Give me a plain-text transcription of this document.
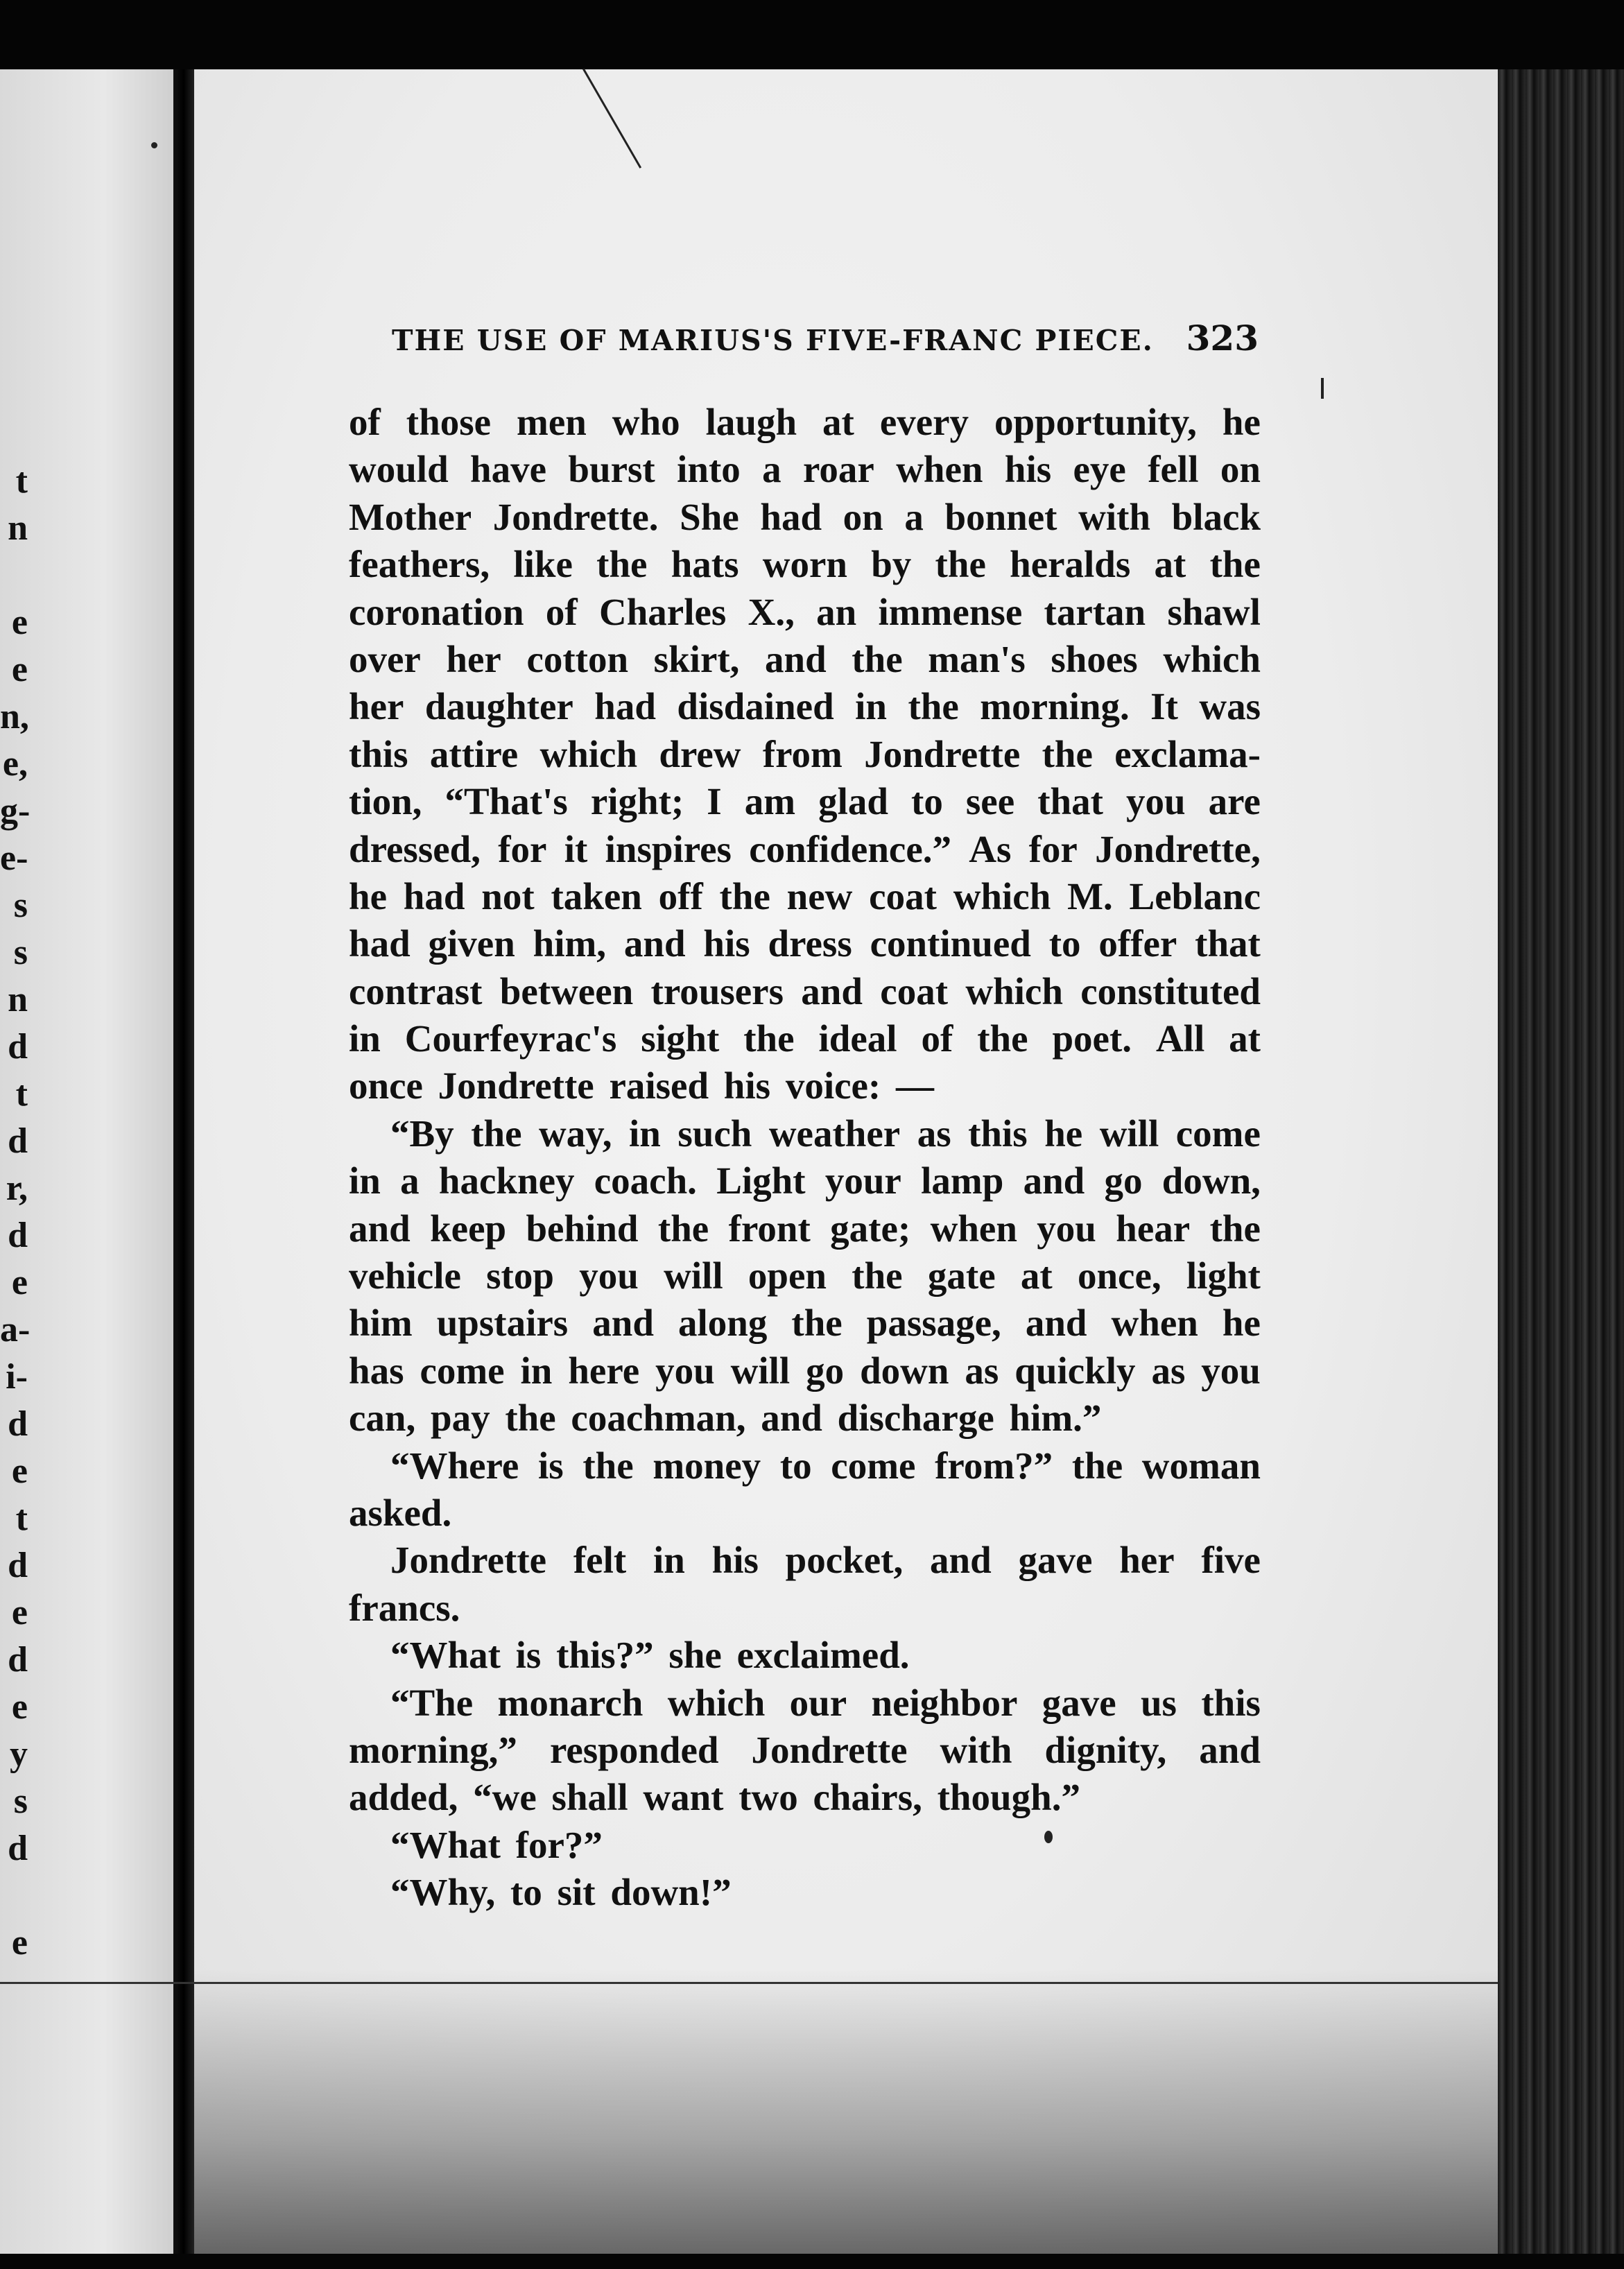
t
n
e
e
n,
e,
g-
e-
s
s
n
d
t
d
r,
d
e
a-
i-
d
e
t
d
e
d
e
y
s
d
e
THE USE OF MARIUS'S FIVE-FRANC PIECE. 323
of those men who laugh at every opportunity, he
would have burst into a roar when his eye fell on
Mother Jondrette. She had on a bonnet with black
feathers, like the hats worn by the heralds at the
coronation of Charles X., an immense tartan shawl
over her cotton skirt, and the man's shoes which
her daughter had disdained in the morning. It was
this attire which drew from Jondrette the exclama-
tion, “That's right; I am glad to see that you are
dressed, for it inspires confidence.” As for Jondrette,
he had not taken off the new coat which M. Leblanc
had given him, and his dress continued to offer that
contrast between trousers and coat which constituted
in Courfeyrac's sight the ideal of the poet. All at
once Jondrette raised his voice: —
“By the way, in such weather as this he will come
in a hackney coach. Light your lamp and go down,
and keep behind the front gate; when you hear the
vehicle stop you will open the gate at once, light
him upstairs and along the passage, and when he
has come in here you will go down as quickly as you
can, pay the coachman, and discharge him.”
“Where is the money to come from?” the woman
asked.
Jondrette felt in his pocket, and gave her five
francs.
“What is this?” she exclaimed.
“The monarch which our neighbor gave us this
morning,” responded Jondrette with dignity, and
added, “we shall want two chairs, though.”
“What for?”
“Why, to sit down!”
